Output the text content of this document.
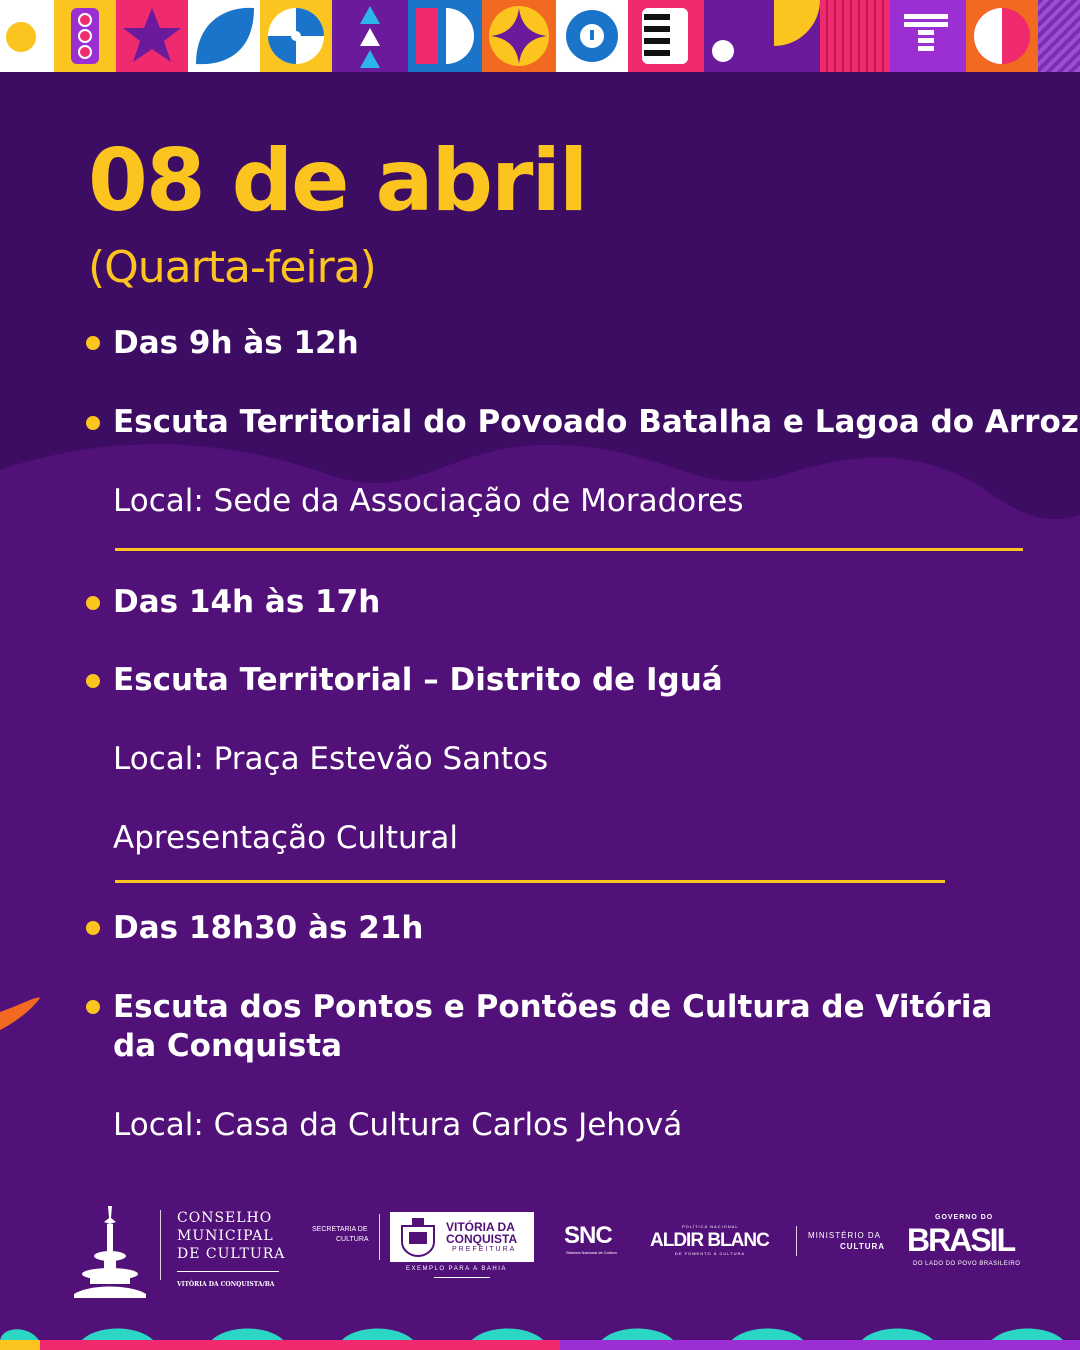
08 de abril
(Quarta-feira)
Das 9h às 12h
Escuta Territorial do Povoado Batalha e Lagoa do Arroz
Local: Sede da Associação de Moradores
Das 14h às 17h
Escuta Territorial – Distrito de Iguá
Local: Praça Estevão Santos
Apresentação Cultural
Das 18h30 às 21h
Escuta dos Pontos e Pontões de Cultura de Vitória
da Conquista
Local: Casa da Cultura Carlos Jehová
CONSELHO
MUNICIPAL
DE CULTURA
VITÓRIA DA CONQUISTA/BA
SECRETARIA DE
CULTURA
VITÓRIA DA
CONQUISTA
PREFEITURA
EXEMPLO PARA A BAHIA
SNC
Sistema Nacional de Cultura
POLÍTICA NACIONAL
ALDIR BLANC
DE FOMENTO À CULTURA
MINISTÉRIO DA
CULTURA
GOVERNO DO
BRASIL
DO LADO DO POVO BRASILEIRO
